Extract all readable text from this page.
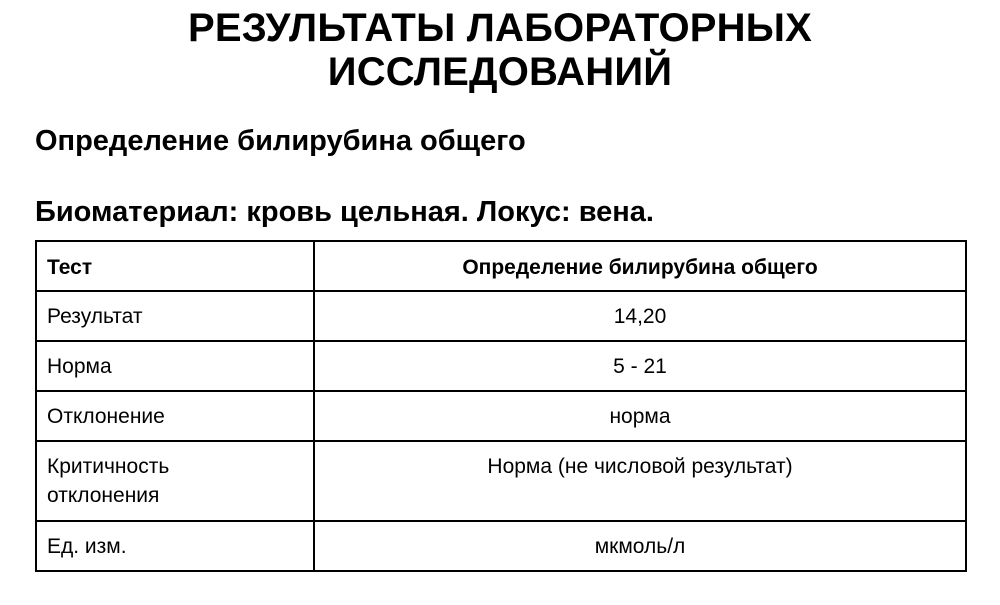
РЕЗУЛЬТАТЫ ЛАБОРАТОРНЫХ
ИССЛЕДОВАНИЙ
Определение билирубина общего
Биоматериал: кровь цельная. Локус: вена.
Тест	Определение билирубина общего
Результат	14,20
Норма	5 - 21
Отклонение	норма
Критичность
отклонения	Норма (не числовой результат)
Ед. изм.	мкмоль/л
